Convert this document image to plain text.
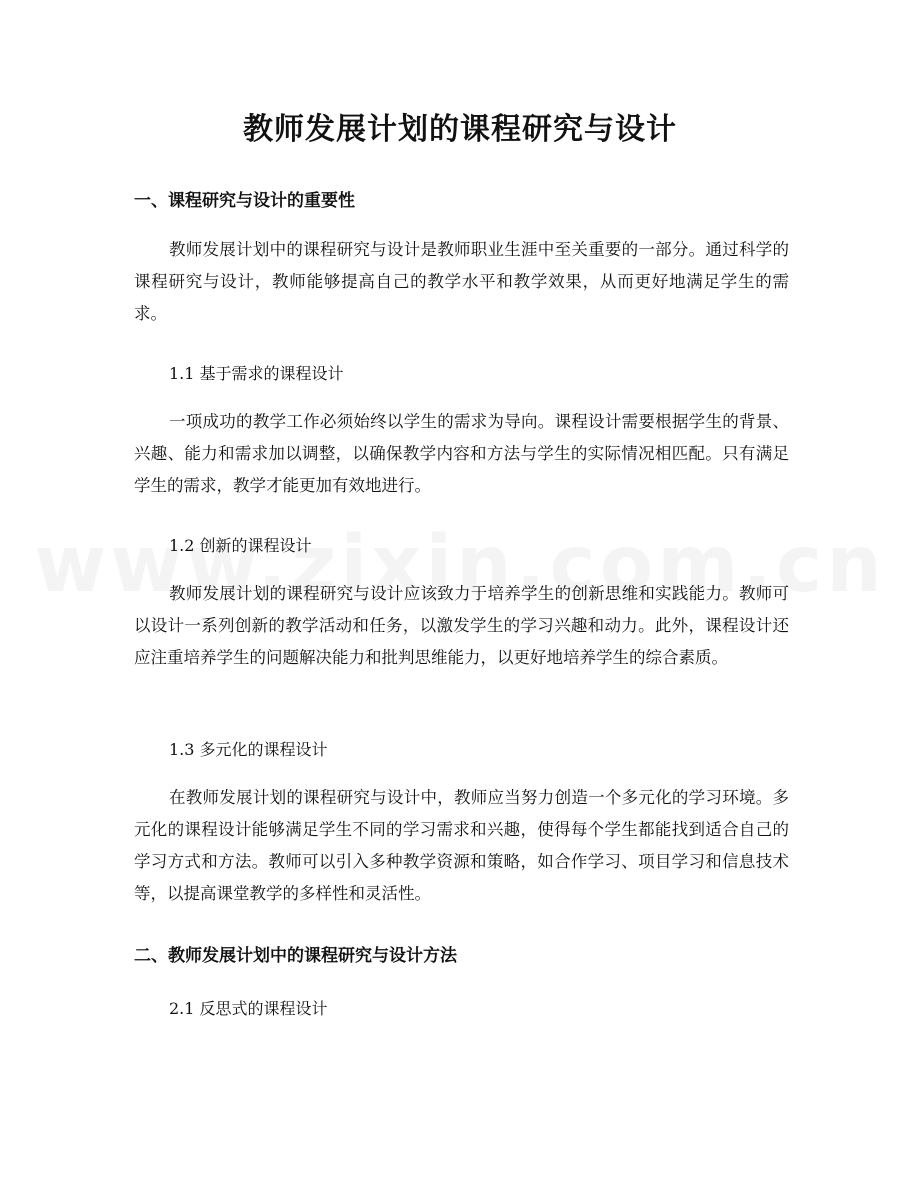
教师发展计划的课程研究与设计
一、课程研究与设计的重要性
教师发展计划中的课程研究与设计是教师职业生涯中至关重要的一部分。通过科学的课程研究与设计，教师能够提高自己的教学水平和教学效果，从而更好地满足学生的需求。
1.1 基于需求的课程设计
一项成功的教学工作必须始终以学生的需求为导向。课程设计需要根据学生的背景、兴趣、能力和需求加以调整，以确保教学内容和方法与学生的实际情况相匹配。只有满足学生的需求，教学才能更加有效地进行。
1.2 创新的课程设计
教师发展计划的课程研究与设计应该致力于培养学生的创新思维和实践能力。教师可以设计一系列创新的教学活动和任务，以激发学生的学习兴趣和动力。此外，课程设计还应注重培养学生的问题解决能力和批判思维能力，以更好地培养学生的综合素质。
1.3 多元化的课程设计
在教师发展计划的课程研究与设计中，教师应当努力创造一个多元化的学习环境。多元化的课程设计能够满足学生不同的学习需求和兴趣，使得每个学生都能找到适合自己的学习方式和方法。教师可以引入多种教学资源和策略，如合作学习、项目学习和信息技术等，以提高课堂教学的多样性和灵活性。
二、教师发展计划中的课程研究与设计方法
2.1 反思式的课程设计
